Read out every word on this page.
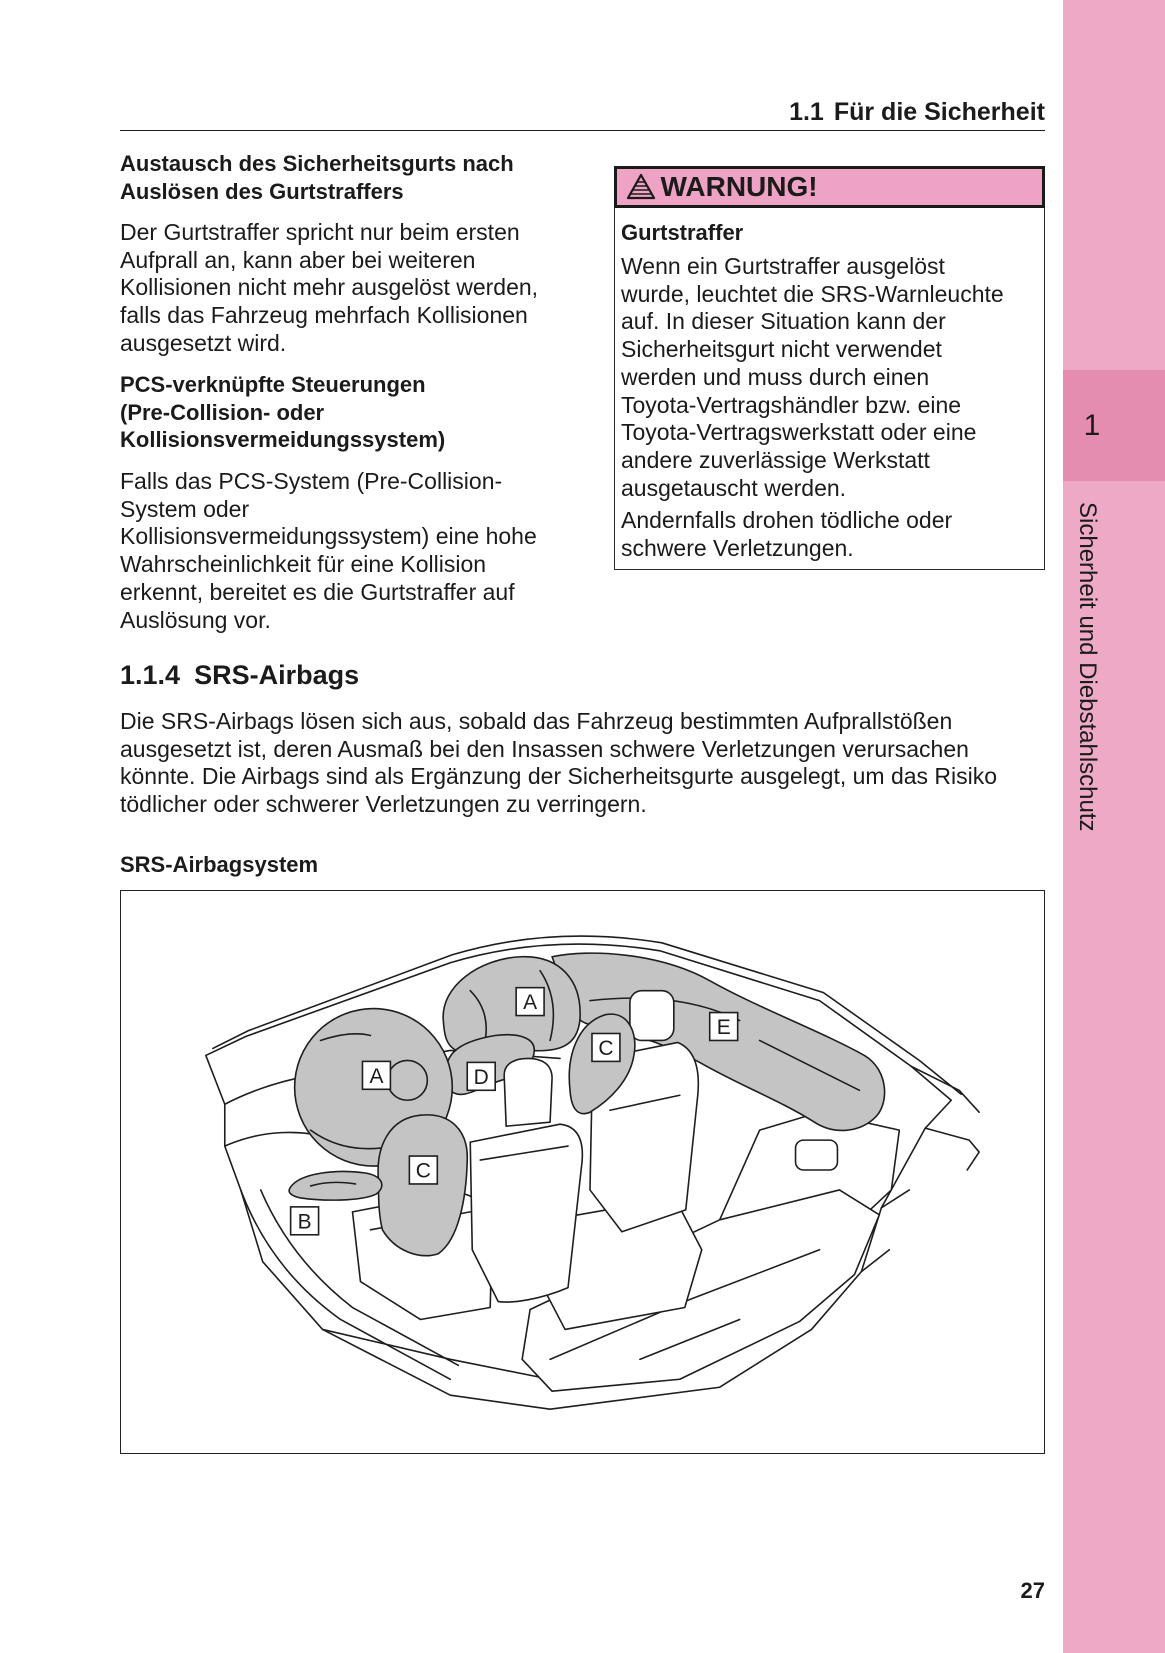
1
Sicherheit und Diebstahlschutz
1.1 Für die Sicherheit
Austausch des Sicherheitsgurts nach
Auslösen des Gurtstraffers
Der Gurtstraffer spricht nur beim ersten
Aufprall an, kann aber bei weiteren
Kollisionen nicht mehr ausgelöst werden,
falls das Fahrzeug mehrfach Kollisionen
ausgesetzt wird.
PCS-verknüpfte Steuerungen
(Pre-Collision- oder
Kollisionsvermeidungssystem)
Falls das PCS-System (Pre-Collision-
System oder
Kollisionsvermeidungssystem) eine hohe
Wahrscheinlichkeit für eine Kollision
erkennt, bereitet es die Gurtstraffer auf
Auslösung vor.
WARNUNG!
Gurtstraffer
Wenn ein Gurtstraffer ausgelöst
wurde, leuchtet die SRS-Warnleuchte
auf. In dieser Situation kann der
Sicherheitsgurt nicht verwendet
werden und muss durch einen
Toyota-Vertragshändler bzw. eine
Toyota-Vertragswerkstatt oder eine
andere zuverlässige Werkstatt
ausgetauscht werden.
Andernfalls drohen tödliche oder
schwere Verletzungen.
1.1.4 SRS-Airbags
Die SRS-Airbags lösen sich aus, sobald das Fahrzeug bestimmten Aufprallstößen
ausgesetzt ist, deren Ausmaß bei den Insassen schwere Verletzungen verursachen
könnte. Die Airbags sind als Ergänzung der Sicherheitsgurte ausgelegt, um das Risiko
tödlicher oder schwerer Verletzungen zu verringern.
SRS-Airbagsystem
A
E
C
A	D
C
B
27
